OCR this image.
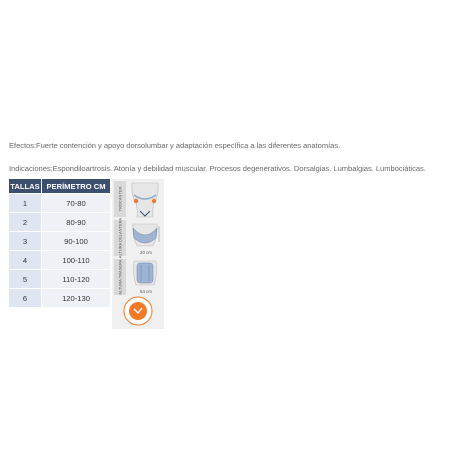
Efectos:Fuerte contención y apoyo dorsolumbar y adaptación específica a las diferentes anatomías.
Indicaciones:Espondiloartrosis. Atonía y debilidad muscular. Procesos degenerativos. Dorsalgias. Lumbalgias. Lumbociáticas.
TALLAS	PERÍMETRO CM
1	70-80
2	80-90
3	90-100
4	100-110
5	110-120
6	120-130
TROCÁNTER
ALTURA DELANTERA	20 cm
ALTURA TRASERA	54 cm
